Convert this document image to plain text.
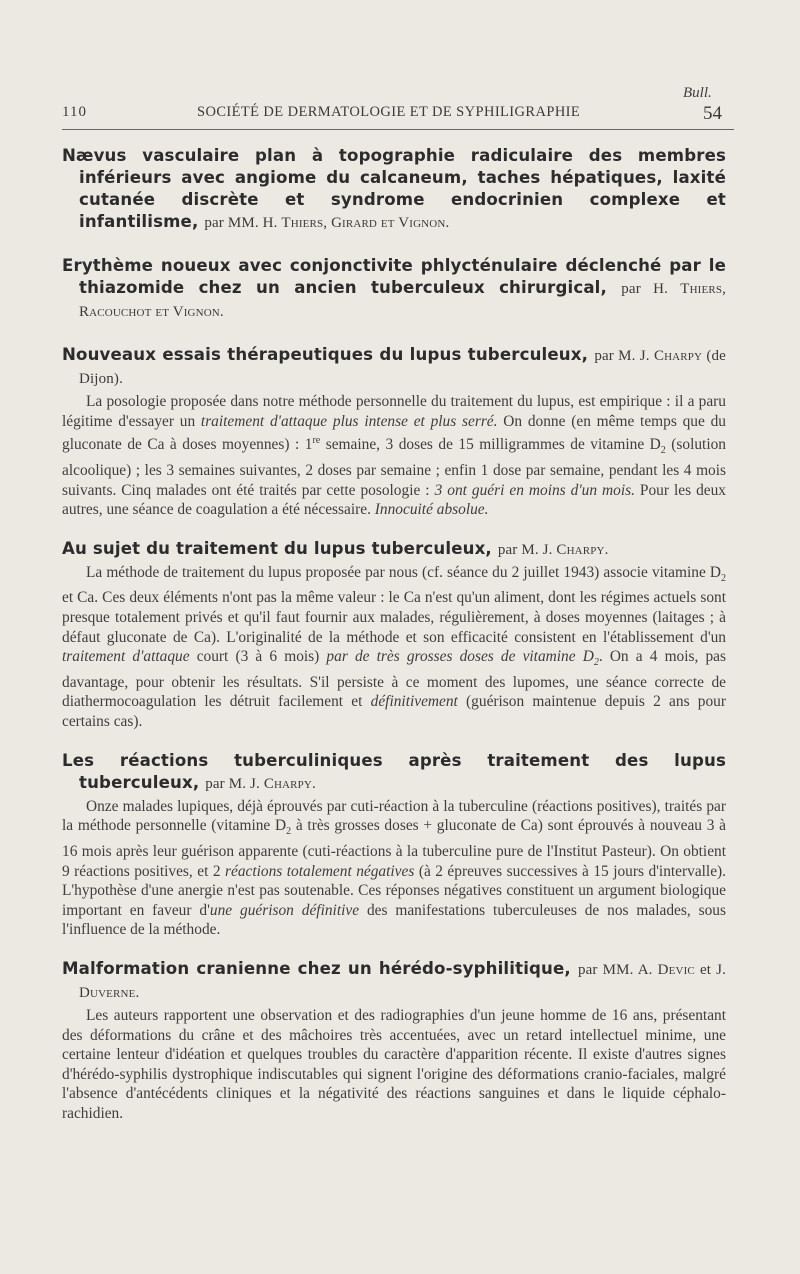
Bull.
110	SOCIÉTÉ DE DERMATOLOGIE ET DE SYPHILIGRAPHIE	54
Nævus vasculaire plan à topographie radiculaire des membres inférieurs avec angiome du calcaneum, taches hépatiques, laxité cutanée discrète et syndrome endocrinien complexe et infantilisme, par MM. H. Thiers, Girard et Vignon.
Erythème noueux avec conjonctivite phlycténulaire déclenché par le thiazomide chez un ancien tuberculeux chirurgical, par H. Thiers, Racouchot et Vignon.
Nouveaux essais thérapeutiques du lupus tuberculeux, par M. J. Charpy (de Dijon).

La posologie proposée dans notre méthode personnelle du traitement du lupus, est empirique : il a paru légitime d'essayer un traitement d'attaque plus intense et plus serré. On donne (en même temps que du gluconate de Ca à doses moyennes) : 1re semaine, 3 doses de 15 milligrammes de vitamine $D_2$ (solution alcoolique) ; les 3 semaines suivantes, 2 doses par semaine ; enfin 1 dose par semaine, pendant les 4 mois suivants. Cinq malades ont été traités par cette posologie : 3 ont guéri en moins d'un mois. Pour les deux autres, une séance de coagulation a été nécessaire. Innocuité absolue.

Au sujet du traitement du lupus tuberculeux, par M. J. Charpy.

La méthode de traitement du lupus proposée par nous (cf. séance du 2 juillet 1943) associe vitamine $D_2$ et Ca. Ces deux éléments n'ont pas la même valeur : le Ca n'est qu'un aliment, dont les régimes actuels sont presque totalement privés et qu'il faut fournir aux malades, régulièrement, à doses moyennes (laitages ; à défaut gluconate de Ca). L'originalité de la méthode et son efficacité consistent en l'établissement d'un traitement d'attaque court (3 à 6 mois) par de très grosses doses de vitamine $D_2$. On a 4 mois, pas davantage, pour obtenir les résultats. S'il persiste à ce moment des lupomes, une séance correcte de diathermocoagulation les détruit facilement et définitivement (guérison maintenue depuis 2 ans pour certains cas).

Les réactions tuberculiniques après traitement des lupus tuberculeux, par M. J. Charpy.

Onze malades lupiques, déjà éprouvés par cuti-réaction à la tuberculine (réactions positives), traités par la méthode personnelle (vitamine $D_2$ à très grosses doses + gluconate de Ca) sont éprouvés à nouveau 3 à 16 mois après leur guérison apparente (cuti-réactions à la tuberculine pure de l'Institut Pasteur). On obtient 9 réactions positives, et 2 réactions totalement négatives (à 2 épreuves successives à 15 jours d'intervalle). L'hypothèse d'une anergie n'est pas soutenable. Ces réponses négatives constituent un argument biologique important en faveur d'une guérison définitive des manifestations tuberculeuses de nos malades, sous l'influence de la méthode.

Malformation cranienne chez un hérédo-syphilitique, par MM. A. Devic et J. Duverne.

Les auteurs rapportent une observation et des radiographies d'un jeune homme de 16 ans, présentant des déformations du crâne et des mâchoires très accentuées, avec un retard intellectuel minime, une certaine lenteur d'idéation et quelques troubles du caractère d'apparition récente. Il existe d'autres signes d'hérédo-syphilis dystrophique indiscutables qui signent l'origine des déformations cranio-faciales, malgré l'absence d'antécédents cliniques et la négativité des réactions sanguines et dans le liquide céphalo-rachidien.
